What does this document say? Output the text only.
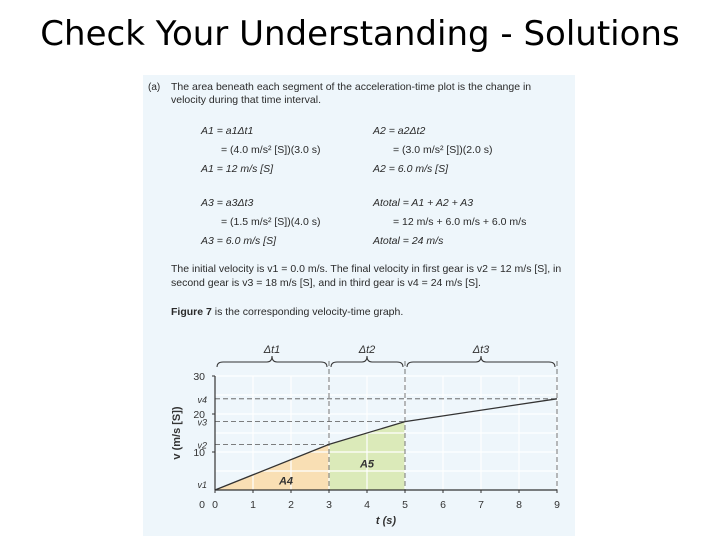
Check Your Understanding - Solutions
(a) The area beneath each segment of the acceleration-time plot is the change in
velocity during that time interval.
A1 = a1Δt1
= (4.0 m/s² [S])(3.0 s)
A1 = 12 m/s [S]
A2 = a2Δt2
= (3.0 m/s² [S])(2.0 s)
A2 = 6.0 m/s [S]
A3 = a3Δt3
= (1.5 m/s² [S])(4.0 s)
A3 = 6.0 m/s [S]
Atotal = A1 + A2 + A3
= 12 m/s + 6.0 m/s + 6.0 m/s
Atotal = 24 m/s
The initial velocity is v1 = 0.0 m/s. The final velocity in first gear is v2 = 12 m/s [S], in
second gear is v3 = 18 m/s [S], and in third gear is v4 = 24 m/s [S].
Figure 7 is the corresponding velocity-time graph.
A4
A5
Δt1	Δt2	Δt3
0	1	2	3	4	5	6	7	8	9
10
20
30
0
v4
v3
v2
v1
t (s)
v (m/s [S])
